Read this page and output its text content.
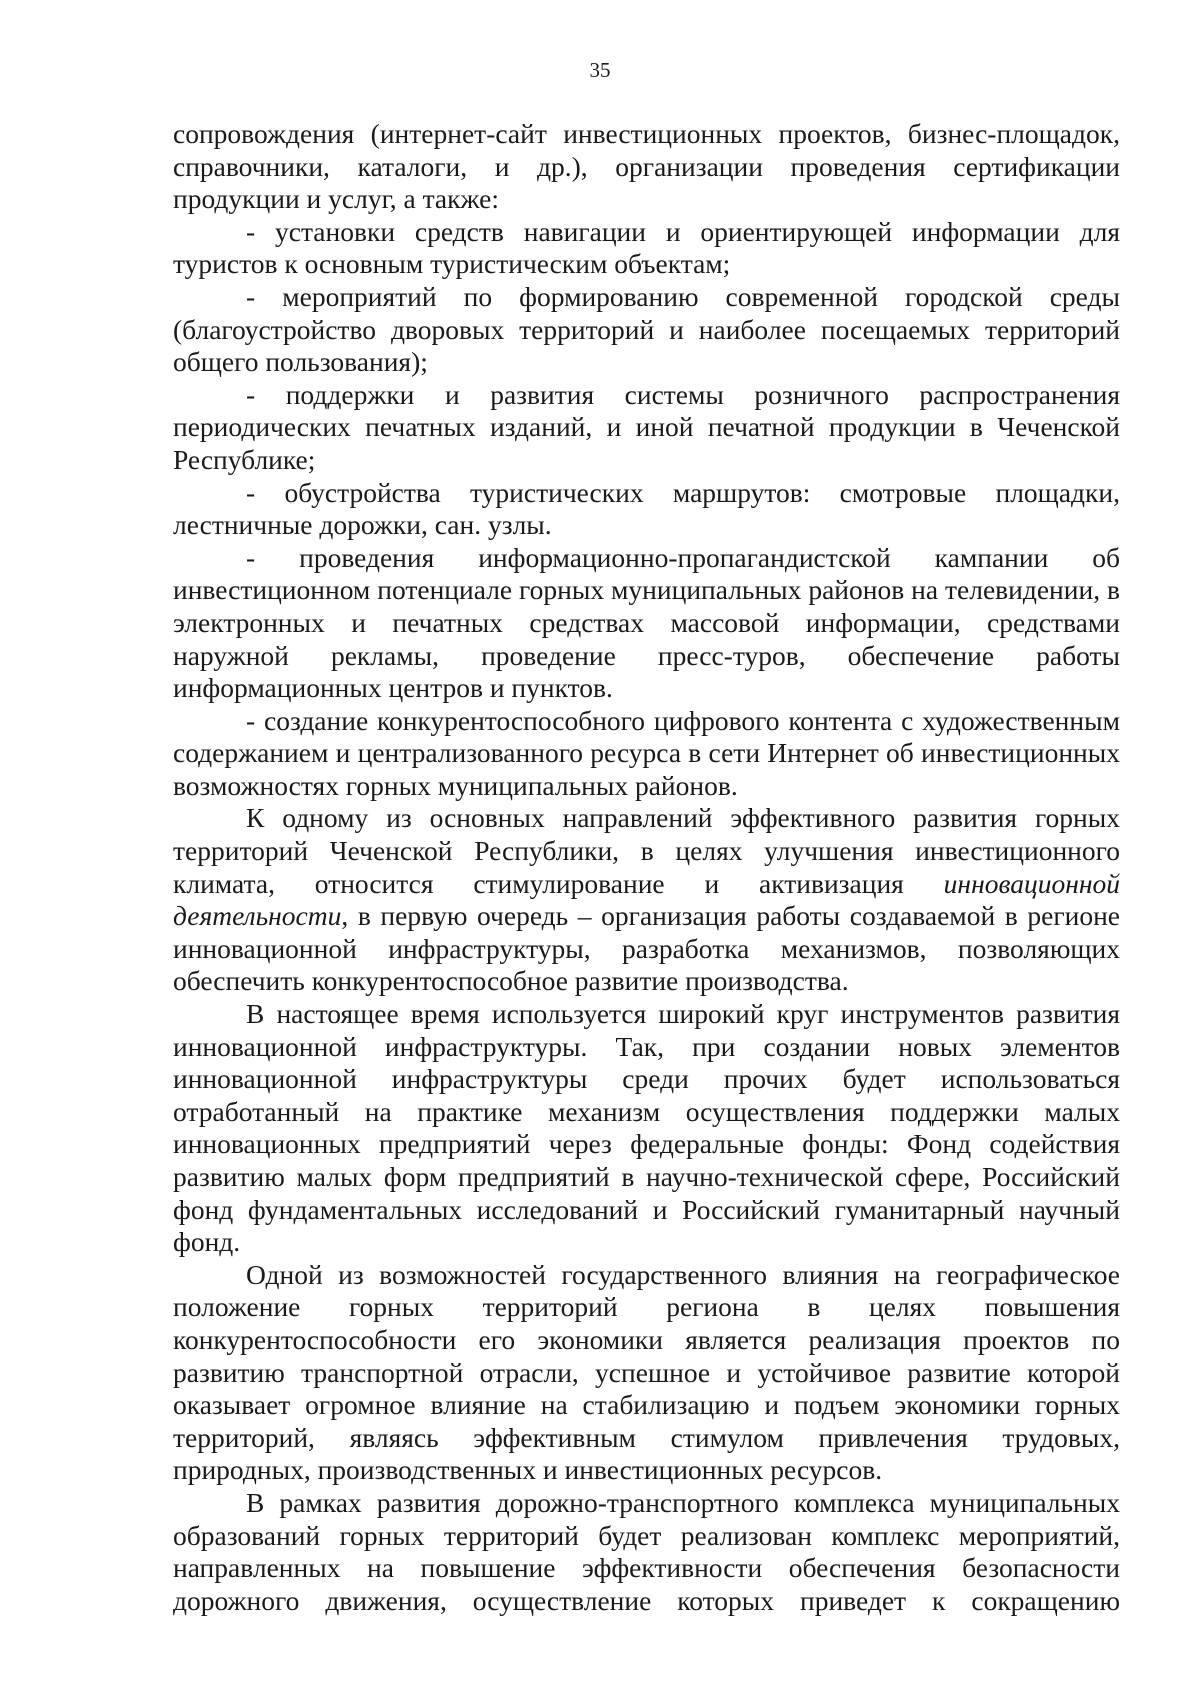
35

сопровождения (интернет-сайт инвестиционных проектов, бизнес-площадок, справочники, каталоги, и др.), организации проведения сертификации продукции и услуг, а также:

- установки средств навигации и ориентирующей информации для туристов к основным туристическим объектам;

- мероприятий по формированию современной городской среды (благоустройство дворовых территорий и наиболее посещаемых территорий общего пользования);

- поддержки и развития системы розничного распространения периодических печатных изданий, и иной печатной продукции в Чеченской Республике;

- обустройства туристических маршрутов: смотровые площадки, лестничные дорожки, сан. узлы.

- проведения информационно-пропагандистской кампании об инвестиционном потенциале горных муниципальных районов на телевидении, в электронных и печатных средствах массовой информации, средствами наружной рекламы, проведение пресс-туров, обеспечение работы информационных центров и пунктов.

- создание конкурентоспособного цифрового контента с художественным содержанием и централизованного ресурса в сети Интернет об инвестиционных возможностях горных муниципальных районов.

К одному из основных направлений эффективного развития горных территорий Чеченской Республики, в целях улучшения инвестиционного климата, относится стимулирование и активизация инновационной деятельности, в первую очередь – организация работы создаваемой в регионе инновационной инфраструктуры, разработка механизмов, позволяющих обеспечить конкурентоспособное развитие производства.

В настоящее время используется широкий круг инструментов развития инновационной инфраструктуры. Так, при создании новых элементов инновационной инфраструктуры среди прочих будет использоваться отработанный на практике механизм осуществления поддержки малых инновационных предприятий через федеральные фонды: Фонд содействия развитию малых форм предприятий в научно-технической сфере, Российский фонд фундаментальных исследований и Российский гуманитарный научный фонд.

Одной из возможностей государственного влияния на географическое положение горных территорий региона в целях повышения конкурентоспособности его экономики является реализация проектов по развитию транспортной отрасли, успешное и устойчивое развитие которой оказывает огромное влияние на стабилизацию и подъем экономики горных территорий, являясь эффективным стимулом привлечения трудовых, природных, производственных и инвестиционных ресурсов.

В рамках развития дорожно-транспортного комплекса муниципальных образований горных территорий будет реализован комплекс мероприятий, направленных на повышение эффективности обеспечения безопасности дорожного движения, осуществление которых приведет к сокращению
